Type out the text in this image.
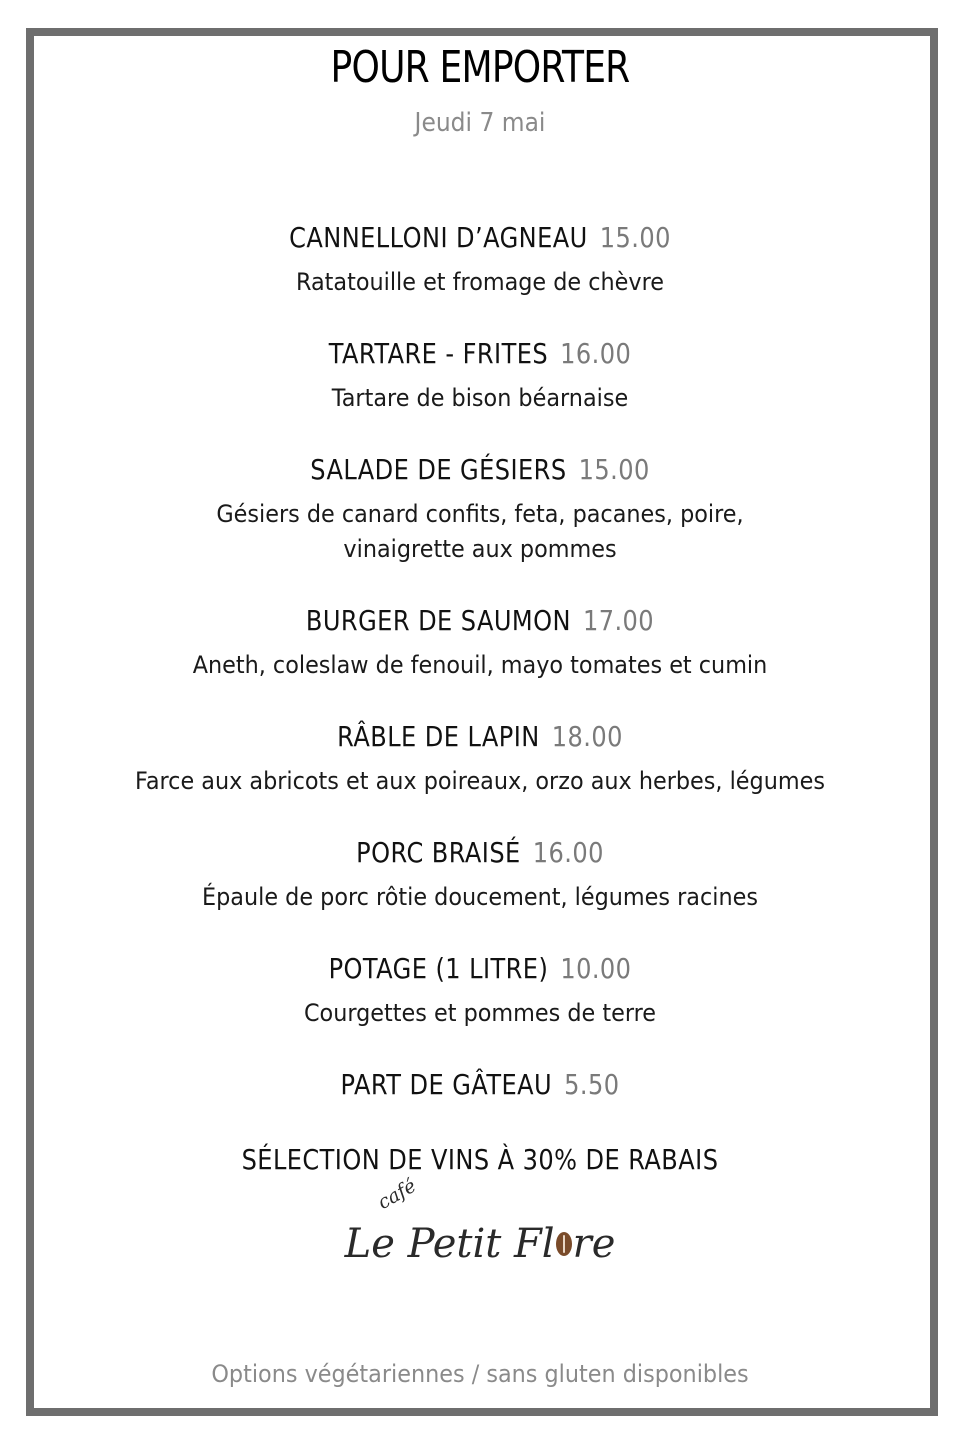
POUR EMPORTER
Jeudi 7 mai
CANNELLONI D’AGNEAU 15.00
Ratatouille et fromage de chèvre
TARTARE - FRITES 16.00
Tartare de bison béarnaise
SALADE DE GÉSIERS 15.00
Gésiers de canard confits, feta, pacanes, poire,
vinaigrette aux pommes
BURGER DE SAUMON 17.00
Aneth, coleslaw de fenouil, mayo tomates et cumin
RÂBLE DE LAPIN 18.00
Farce aux abricots et aux poireaux, orzo aux herbes, légumes
PORC BRAISÉ 16.00
Épaule de porc rôtie doucement, légumes racines
POTAGE (1 LITRE) 10.00
Courgettes et pommes de terre
PART DE GÂTEAU 5.50
SÉLECTION DE VINS À 30% DE RABAIS
café
Le Petit Fl re
Options végétariennes / sans gluten disponibles
